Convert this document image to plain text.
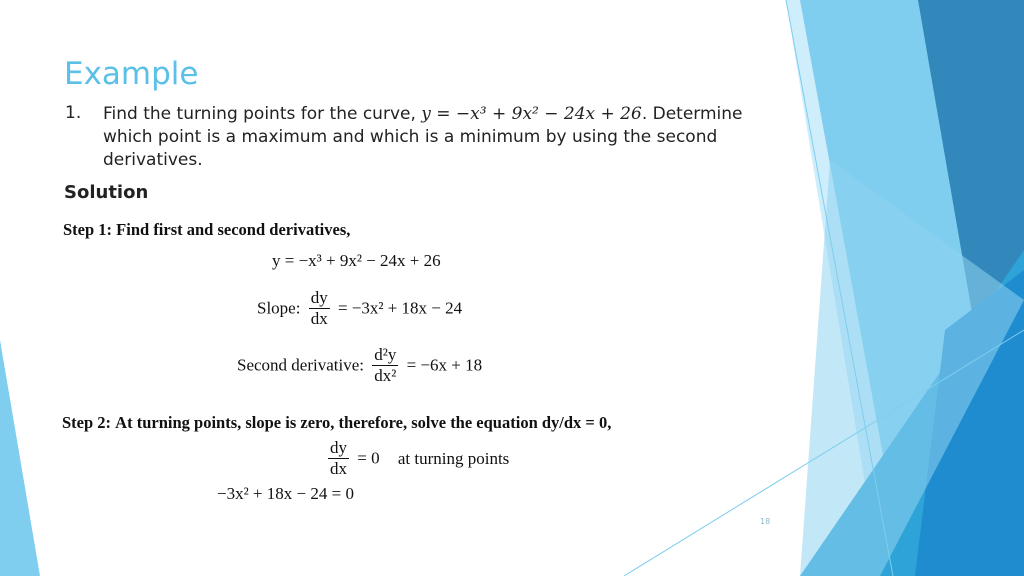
Example
1. Find the turning points for the curve, y = −x³ + 9x² − 24x + 26. Determine which point is a maximum and which is a minimum by using the second derivatives.
Solution
Step 1: Find first and second derivatives,
y = −x³ + 9x² − 24x + 26
Slope: $\frac{dy}{dx} = -3x^2 + 18x - 24$
Second derivative: $\frac{\text{d²y}}{\text{dx²}} = -6x + 18$
Step 2: At turning points, slope is zero, therefore, solve the equation dy/dx = 0,
$\frac{dy}{dx} = 0$ at turning points
−3x² + 18x − 24 = 0
18
